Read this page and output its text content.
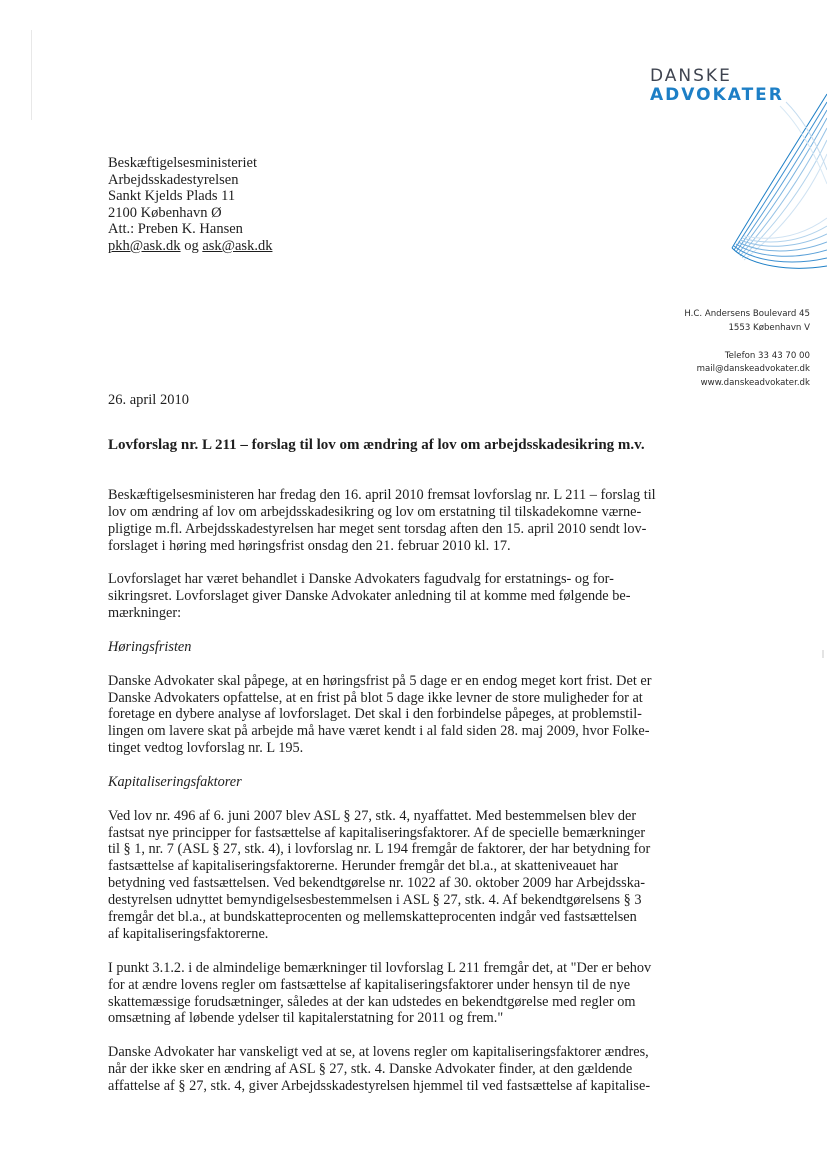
DANSKE
ADVOKATER
Beskæftigelsesministeriet
Arbejdsskadestyrelsen
Sankt Kjelds Plads 11
2100 København Ø
Att.: Preben K. Hansen
pkh@ask.dk og ask@ask.dk
H.C. Andersens Boulevard 45
1553 København V
Telefon 33 43 70 00
mail@danskeadvokater.dk
www.danskeadvokater.dk
26. april 2010
Lovforslag nr. L 211 – forslag til lov om ændring af lov om arbejdsskadesikring m.v.

Beskæftigelsesministeren har fredag den 16. april 2010 fremsat lovforslag nr. L 211 – forslag til
lov om ændring af lov om arbejdsskadesikring og lov om erstatning til tilskadekomne værne-
pligtige m.fl. Arbejdsskadestyrelsen har meget sent torsdag aften den 15. april 2010 sendt lov-
forslaget i høring med høringsfrist onsdag den 21. februar 2010 kl. 17.

Lovforslaget har været behandlet i Danske Advokaters fagudvalg for erstatnings- og for-
sikringsret. Lovforslaget giver Danske Advokater anledning til at komme med følgende be-
mærkninger:

Høringsfristen

Danske Advokater skal påpege, at en høringsfrist på 5 dage er en endog meget kort frist. Det er
Danske Advokaters opfattelse, at en frist på blot 5 dage ikke levner de store muligheder for at
foretage en dybere analyse af lovforslaget. Det skal i den forbindelse påpeges, at problemstil-
lingen om lavere skat på arbejde må have været kendt i al fald siden 28. maj 2009, hvor Folke-
tinget vedtog lovforslag nr. L 195.

Kapitaliseringsfaktorer

Ved lov nr. 496 af 6. juni 2007 blev ASL § 27, stk. 4, nyaffattet. Med bestemmelsen blev der
fastsat nye principper for fastsættelse af kapitaliseringsfaktorer. Af de specielle bemærkninger
til § 1, nr. 7 (ASL § 27, stk. 4), i lovforslag nr. L 194 fremgår de faktorer, der har betydning for
fastsættelse af kapitaliseringsfaktorerne. Herunder fremgår det bl.a., at skatteniveauet har
betydning ved fastsættelsen. Ved bekendtgørelse nr. 1022 af 30. oktober 2009 har Arbejdsska-
destyrelsen udnyttet bemyndigelsesbestemmelsen i ASL § 27, stk. 4. Af bekendtgørelsens § 3
fremgår det bl.a., at bundskatteprocenten og mellemskatteprocenten indgår ved fastsættelsen
af kapitaliseringsfaktorerne.

I punkt 3.1.2. i de almindelige bemærkninger til lovforslag L 211 fremgår det, at "Der er behov
for at ændre lovens regler om fastsættelse af kapitaliseringsfaktorer under hensyn til de nye
skattemæssige forudsætninger, således at der kan udstedes en bekendtgørelse med regler om
omsætning af løbende ydelser til kapitalerstatning for 2011 og frem."

Danske Advokater har vanskeligt ved at se, at lovens regler om kapitaliseringsfaktorer ændres,
når der ikke sker en ændring af ASL § 27, stk. 4. Danske Advokater finder, at den gældende
affattelse af § 27, stk. 4, giver Arbejdsskadestyrelsen hjemmel til ved fastsættelse af kapitalise-
